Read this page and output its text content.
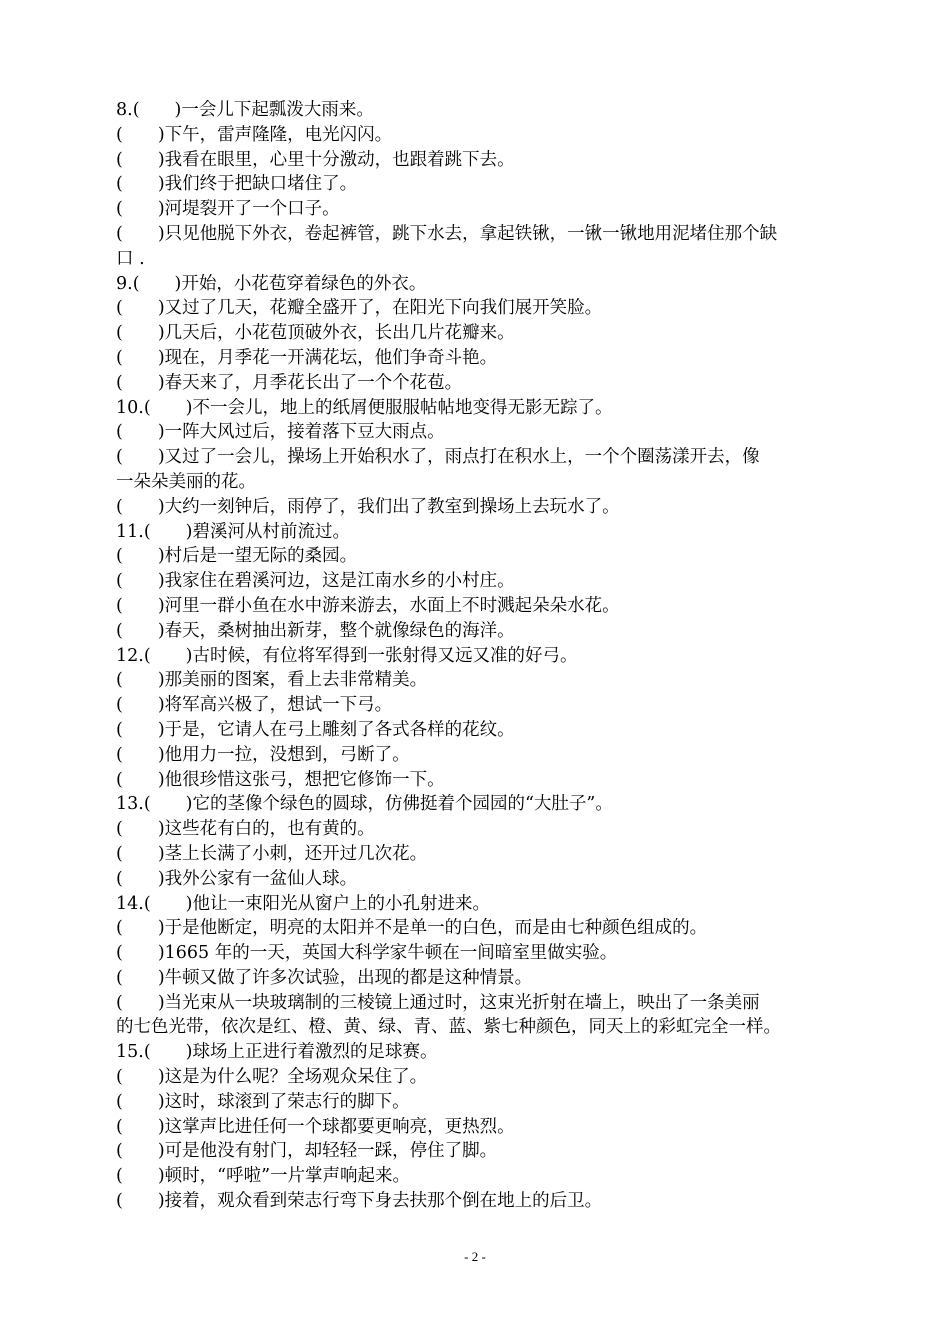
8.(　　)一会儿下起瓢泼大雨来。
(　　)下午，雷声隆隆，电光闪闪。
(　　)我看在眼里，心里十分激动，也跟着跳下去。
(　　)我们终于把缺口堵住了。
(　　)河堤裂开了一个口子。
(　　)只见他脱下外衣，卷起裤管，跳下水去，拿起铁锹，一锹一锹地用泥堵住那个缺
口 .
9.(　　)开始，小花苞穿着绿色的外衣。
(　　)又过了几天，花瓣全盛开了，在阳光下向我们展开笑脸。
(　　)几天后，小花苞顶破外衣，长出几片花瓣来。
(　　)现在，月季花一开满花坛，他们争奇斗艳。
(　　)春天来了，月季花长出了一个个花苞。
10.(　　)不一会儿，地上的纸屑便服服帖帖地变得无影无踪了。
(　　)一阵大风过后，接着落下豆大雨点。
(　　)又过了一会儿，操场上开始积水了，雨点打在积水上，一个个圈荡漾开去，像
一朵朵美丽的花。
(　　)大约一刻钟后，雨停了，我们出了教室到操场上去玩水了。
11.(　　)碧溪河从村前流过。
(　　)村后是一望无际的桑园。
(　　)我家住在碧溪河边，这是江南水乡的小村庄。
(　　)河里一群小鱼在水中游来游去，水面上不时溅起朵朵水花。
(　　)春天，桑树抽出新芽，整个就像绿色的海洋。
12.(　　)古时候，有位将军得到一张射得又远又准的好弓。
(　　)那美丽的图案，看上去非常精美。
(　　)将军高兴极了，想试一下弓。
(　　)于是，它请人在弓上雕刻了各式各样的花纹。
(　　)他用力一拉，没想到，弓断了。
(　　)他很珍惜这张弓，想把它修饰一下。
13.(　　)它的茎像个绿色的圆球，仿佛挺着个园园的“大肚子”。
(　　)这些花有白的，也有黄的。
(　　)茎上长满了小刺，还开过几次花。
(　　)我外公家有一盆仙人球。
14.(　　)他让一束阳光从窗户上的小孔射进来。
(　　)于是他断定，明亮的太阳并不是单一的白色，而是由七种颜色组成的。
(　　)1665 年的一天，英国大科学家牛顿在一间暗室里做实验。
(　　)牛顿又做了许多次试验，出现的都是这种情景。
(　　)当光束从一块玻璃制的三棱镜上通过时，这束光折射在墙上，映出了一条美丽
的七色光带，依次是红、橙、黄、绿、青、蓝、紫七种颜色，同天上的彩虹完全一样。
15.(　　)球场上正进行着激烈的足球赛。
(　　)这是为什么呢？全场观众呆住了。
(　　)这时，球滚到了荣志行的脚下。
(　　)这掌声比进任何一个球都要更响亮，更热烈。
(　　)可是他没有射门，却轻轻一踩，停住了脚。
(　　)顿时，“呼啦”一片掌声响起来。
(　　)接着，观众看到荣志行弯下身去扶那个倒在地上的后卫。
- 2 -
